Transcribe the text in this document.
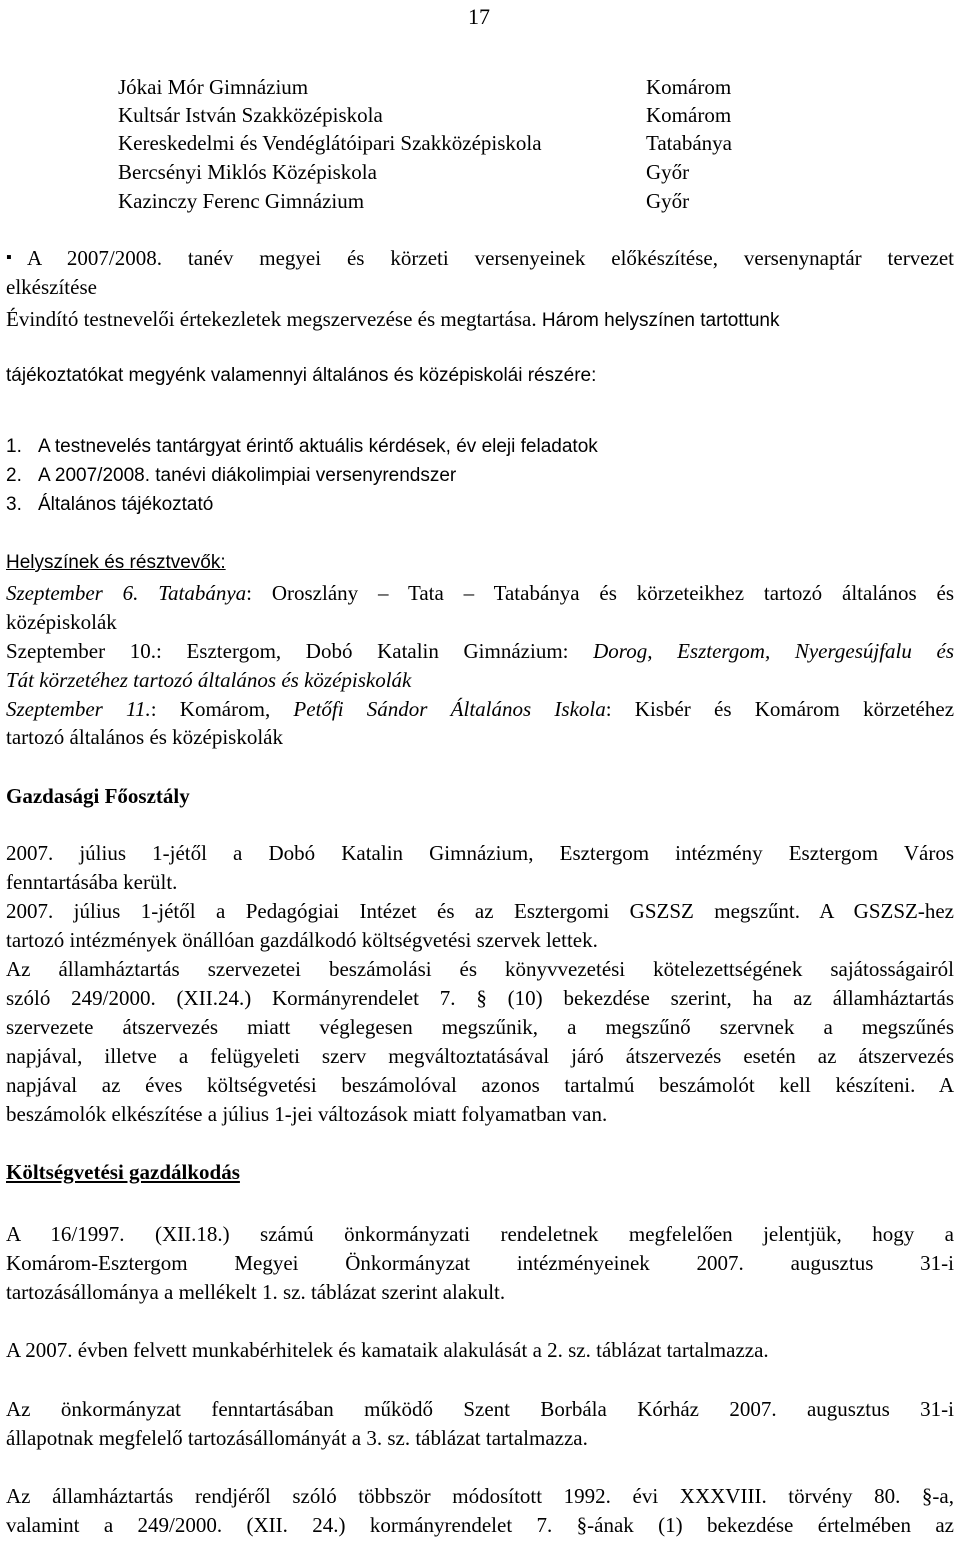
17
Jókai Mór Gimnázium	Komárom
Kultsár István Szakközépiskola	Komárom
Kereskedelmi és Vendéglátóipari Szakközépiskola	Tatabánya
Bercsényi Miklós Középiskola	Győr
Kazinczy Ferenc Gimnázium	Győr
▪ A 2007/2008. tanév megyei és körzeti versenyeinek előkészítése, versenynaptár tervezet
elkészítése
Évindító testnevelői értekezletek megszervezése és megtartása. Három helyszínen tartottunk
tájékoztatókat megyénk valamennyi általános és középiskolái részére:
1. A testnevelés tantárgyat érintő aktuális kérdések, év eleji feladatok
2. A 2007/2008. tanévi diákolimpiai versenyrendszer
3. Általános tájékoztató
Helyszínek és résztvevők:
Szeptember 6. Tatabánya: Oroszlány – Tata – Tatabánya és körzeteikhez tartozó általános és
középiskolák
Szeptember 10.: Esztergom, Dobó Katalin Gimnázium: Dorog, Esztergom, Nyergesújfalu és
Tát körzetéhez tartozó általános és középiskolák
Szeptember 11.: Komárom, Petőfi Sándor Általános Iskola: Kisbér és Komárom körzetéhez
tartozó általános és középiskolák
Gazdasági Főosztály
2007. július 1-jétől a Dobó Katalin Gimnázium, Esztergom intézmény Esztergom Város
fenntartásába került.
2007. július 1-jétől a Pedagógiai Intézet és az Esztergomi GSZSZ megszűnt. A GSZSZ-hez
tartozó intézmények önállóan gazdálkodó költségvetési szervek lettek.
Az államháztartás szervezetei beszámolási és könyvvezetési kötelezettségének sajátosságairól
szóló 249/2000. (XII.24.) Kormányrendelet 7. § (10) bekezdése szerint, ha az államháztartás
szervezete átszervezés miatt véglegesen megszűnik, a megszűnő szervnek a megszűnés
napjával, illetve a felügyeleti szerv megváltoztatásával járó átszervezés esetén az átszervezés
napjával az éves költségvetési beszámolóval azonos tartalmú beszámolót kell készíteni. A
beszámolók elkészítése a július 1-jei változások miatt folyamatban van.
Költségvetési gazdálkodás
A 16/1997. (XII.18.) számú önkormányzati rendeletnek megfelelően jelentjük, hogy a
Komárom-Esztergom Megyei Önkormányzat intézményeinek 2007. augusztus 31-i
tartozásállománya a mellékelt 1. sz. táblázat szerint alakult.
A 2007. évben felvett munkabérhitelek és kamataik alakulását a 2. sz. táblázat tartalmazza.
Az önkormányzat fenntartásában működő Szent Borbála Kórház 2007. augusztus 31-i
állapotnak megfelelő tartozásállományát a 3. sz. táblázat tartalmazza.
Az államháztartás rendjéről szóló többször módosított 1992. évi XXXVIII. törvény 80. §-a,
valamint a 249/2000. (XII. 24.) kormányrendelet 7. §-ának (1) bekezdése értelmében az
